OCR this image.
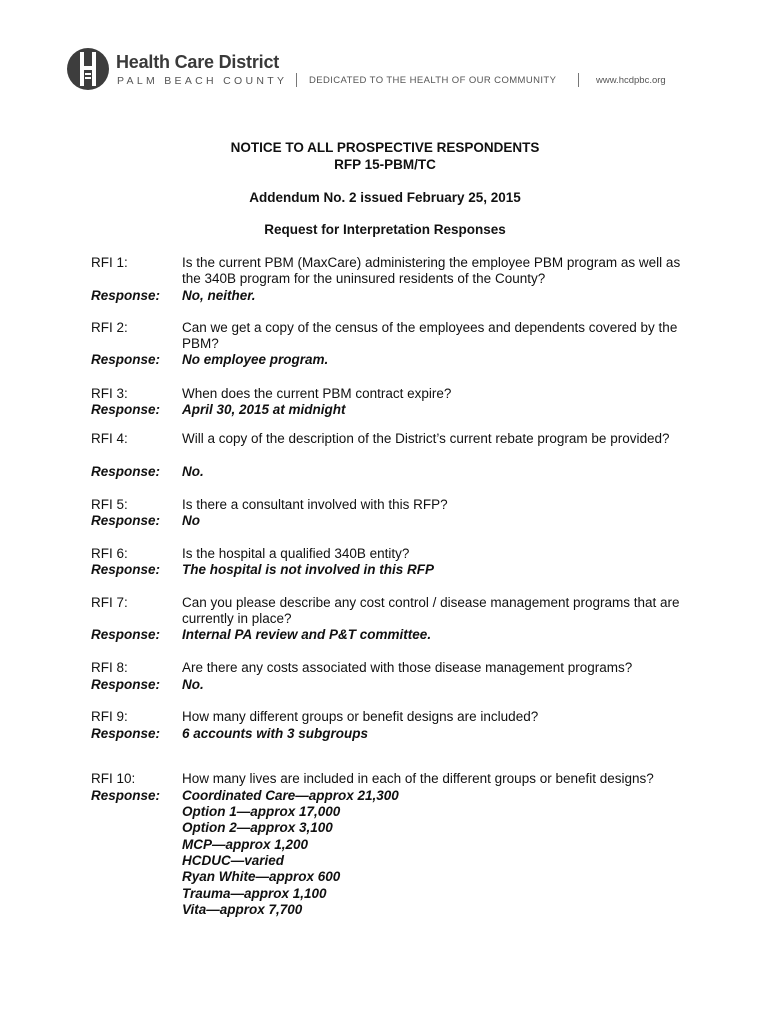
Health Care District
PALM BEACH COUNTY DEDICATED TO THE HEALTH OF OUR COMMUNITY	www.hcdpbc.org
NOTICE TO ALL PROSPECTIVE RESPONDENTS
RFP 15-PBM/TC
Addendum No. 2 issued February 25, 2015
Request for Interpretation Responses
RFI 1:	Is the current PBM (MaxCare) administering the employee PBM program as well as the 340B program for the uninsured residents of the County?
Response: No, neither.
RFI 2:	Can we get a copy of the census of the employees and dependents covered by the PBM?
Response: No employee program.
RFI 3:	When does the current PBM contract expire?
Response: April 30, 2015 at midnight
RFI 4:	Will a copy of the description of the District’s current rebate program be provided?
Response: No.
RFI 5:	Is there a consultant involved with this RFP?
Response: No
RFI 6:	Is the hospital a qualified 340B entity?
Response: The hospital is not involved in this RFP
RFI 7:	Can you please describe any cost control / disease management programs that are currently in place?
Response: Internal PA review and P&T committee.
RFI 8:	Are there any costs associated with those disease management programs?
Response: No.
RFI 9:	How many different groups or benefit designs are included?
Response: 6 accounts with 3 subgroups
RFI 10:	How many lives are included in each of the different groups or benefit designs?
Response: Coordinated Care—approx 21,300
Option 1—approx 17,000
Option 2—approx 3,100
MCP—approx 1,200
HCDUC—varied
Ryan White—approx 600
Trauma—approx 1,100
Vita—approx 7,700
